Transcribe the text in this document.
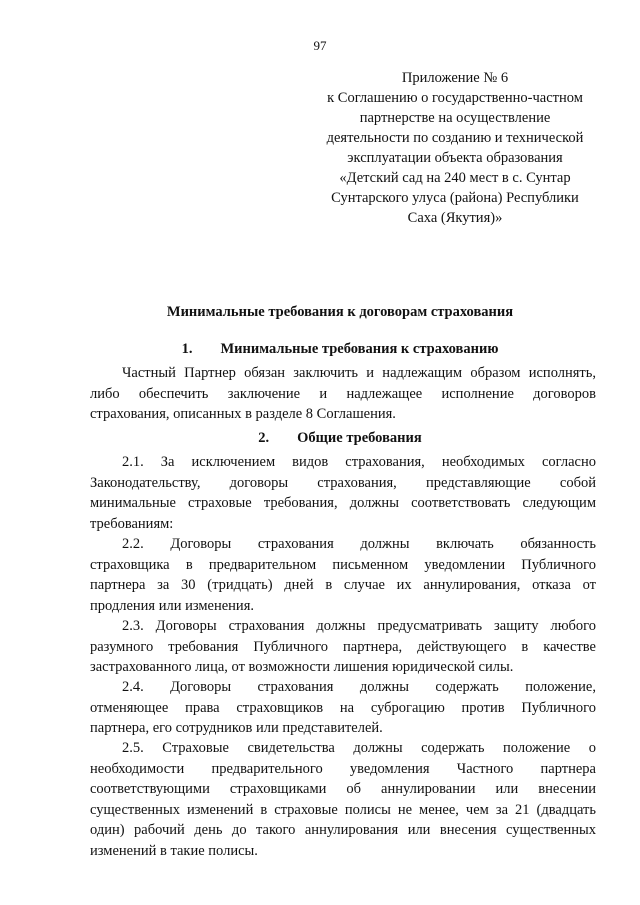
97
Приложение № 6
к Соглашению о государственно-частном
партнерстве на осуществление
деятельности по созданию и технической
эксплуатации объекта образования
«Детский сад на 240 мест в с. Сунтар
Сунтарского улуса (района) Республики
Саха (Якутия)»
Минимальные требования к договорам страхования
1. Минимальные требования к страхованию
Частный Партнер обязан заключить и надлежащим образом исполнять,
либо обеспечить заключение и надлежащее исполнение договоров
страхования, описанных в разделе 8 Соглашения.
2. Общие требования
2.1. За исключением видов страхования, необходимых согласно
Законодательству, договоры страхования, представляющие собой
минимальные страховые требования, должны соответствовать следующим
требованиям:
2.2. Договоры страхования должны включать обязанность
страховщика в предварительном письменном уведомлении Публичного
партнера за 30 (тридцать) дней в случае их аннулирования, отказа от
продления или изменения.
2.3. Договоры страхования должны предусматривать защиту любого
разумного требования Публичного партнера, действующего в качестве
застрахованного лица, от возможности лишения юридической силы.
2.4. Договоры страхования должны содержать положение,
отменяющее права страховщиков на суброгацию против Публичного
партнера, его сотрудников или представителей.
2.5. Страховые свидетельства должны содержать положение о
необходимости предварительного уведомления Частного партнера
соответствующими страховщиками об аннулировании или внесении
существенных изменений в страховые полисы не менее, чем за 21 (двадцать
один) рабочий день до такого аннулирования или внесения существенных
изменений в такие полисы.
